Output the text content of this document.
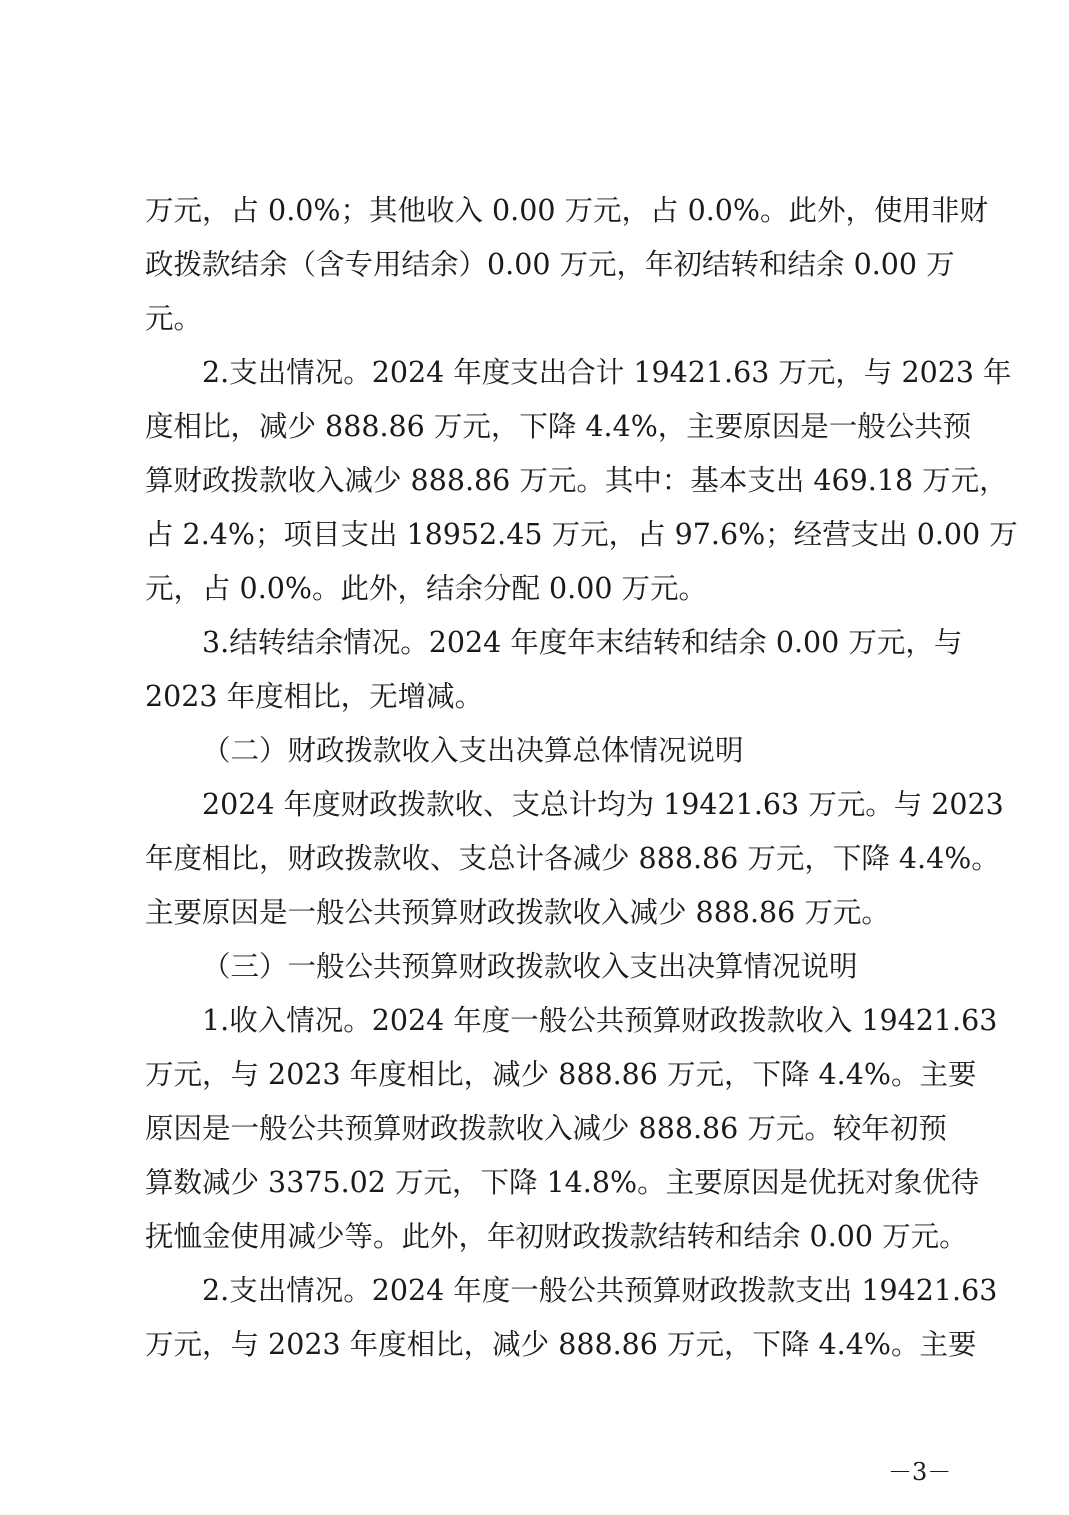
万元，占 0.0%；其他收入 0.00 万元，占 0.0%。此外，使用非财
政拨款结余（含专用结余）0.00 万元，年初结转和结余 0.00 万
元。
2.支出情况。2024 年度支出合计 19421.63 万元，与 2023 年
度相比，减少 888.86 万元，下降 4.4%，主要原因是一般公共预
算财政拨款收入减少 888.86 万元。其中：基本支出 469.18 万元，
占 2.4%；项目支出 18952.45 万元，占 97.6%；经营支出 0.00 万
元，占 0.0%。此外，结余分配 0.00 万元。
3.结转结余情况。2024 年度年末结转和结余 0.00 万元，与
2023 年度相比，无增减。
（二）财政拨款收入支出决算总体情况说明
2024 年度财政拨款收、支总计均为 19421.63 万元。与 2023
年度相比，财政拨款收、支总计各减少 888.86 万元，下降 4.4%。
主要原因是一般公共预算财政拨款收入减少 888.86 万元。
（三）一般公共预算财政拨款收入支出决算情况说明
1.收入情况。2024 年度一般公共预算财政拨款收入 19421.63
万元，与 2023 年度相比，减少 888.86 万元，下降 4.4%。主要
原因是一般公共预算财政拨款收入减少 888.86 万元。较年初预
算数减少 3375.02 万元，下降 14.8%。主要原因是优抚对象优待
抚恤金使用减少等。此外，年初财政拨款结转和结余 0.00 万元。
2.支出情况。2024 年度一般公共预算财政拨款支出 19421.63
万元，与 2023 年度相比，减少 888.86 万元，下降 4.4%。主要
－3－
